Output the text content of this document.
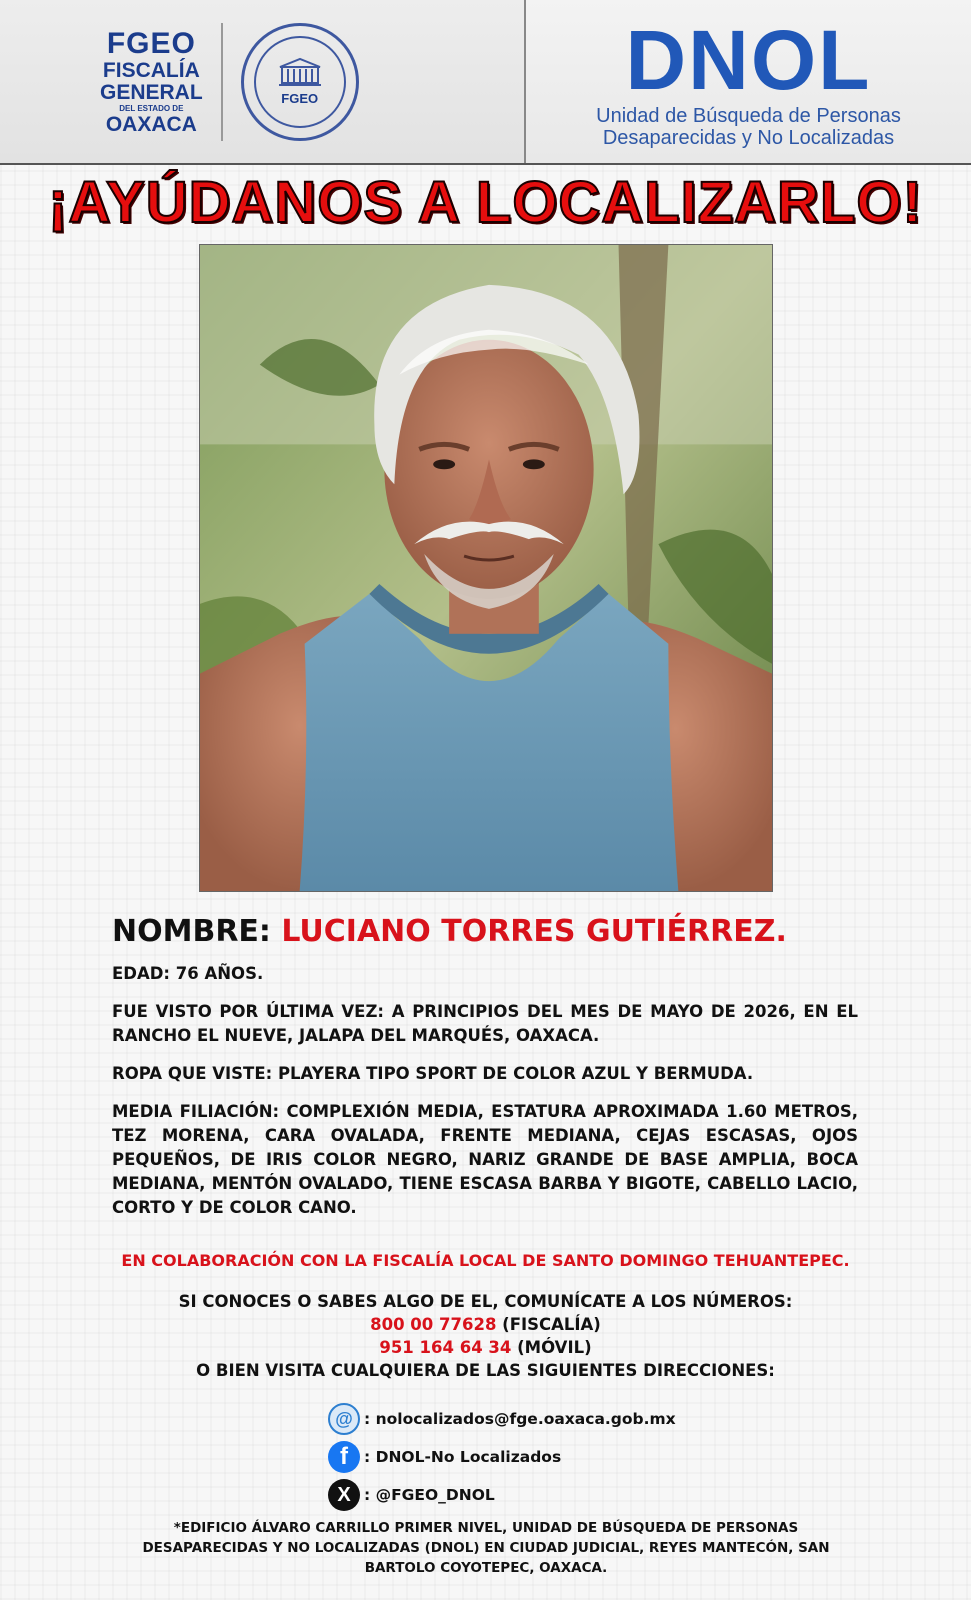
FGEO
FISCALÍA
GENERAL
DEL ESTADO DE
OAXACA
FGEO	DNOL
Unidad de Búsqueda de Personas
Desaparecidas y No Localizadas
¡AYÚDANOS A LOCALIZARLO!
NOMBRE: LUCIANO TORRES GUTIÉRREZ.
EDAD: 76 AÑOS.
FUE VISTO POR ÚLTIMA VEZ: A PRINCIPIOS DEL MES DE MAYO DE 2026, EN EL RANCHO EL NUEVE, JALAPA DEL MARQUÉS, OAXACA.
ROPA QUE VISTE: PLAYERA TIPO SPORT DE COLOR AZUL Y BERMUDA.
MEDIA FILIACIÓN: COMPLEXIÓN MEDIA, ESTATURA APROXIMADA 1.60 METROS, TEZ MORENA, CARA OVALADA, FRENTE MEDIANA, CEJAS ESCASAS, OJOS PEQUEÑOS, DE IRIS COLOR NEGRO, NARIZ GRANDE DE BASE AMPLIA, BOCA MEDIANA, MENTÓN OVALADO, TIENE ESCASA BARBA Y BIGOTE, CABELLO LACIO, CORTO Y DE COLOR CANO.
EN COLABORACIÓN CON LA FISCALÍA LOCAL DE SANTO DOMINGO TEHUANTEPEC.
SI CONOCES O SABES ALGO DE EL, COMUNÍCATE A LOS NÚMEROS:
800 00 77628 (FISCALÍA)
951 164 64 34 (MÓVIL)
O BIEN VISITA CUALQUIERA DE LAS SIGUIENTES DIRECCIONES:
@ : nolocalizados@fge.oaxaca.gob.mx
f	: DNOL-No Localizados
X : @FGEO_DNOL
*EDIFICIO ÁLVARO CARRILLO PRIMER NIVEL, UNIDAD DE BÚSQUEDA DE PERSONAS DESAPARECIDAS Y NO LOCALIZADAS (DNOL) EN CIUDAD JUDICIAL, REYES MANTECÓN, SAN BARTOLO COYOTEPEC, OAXACA.
